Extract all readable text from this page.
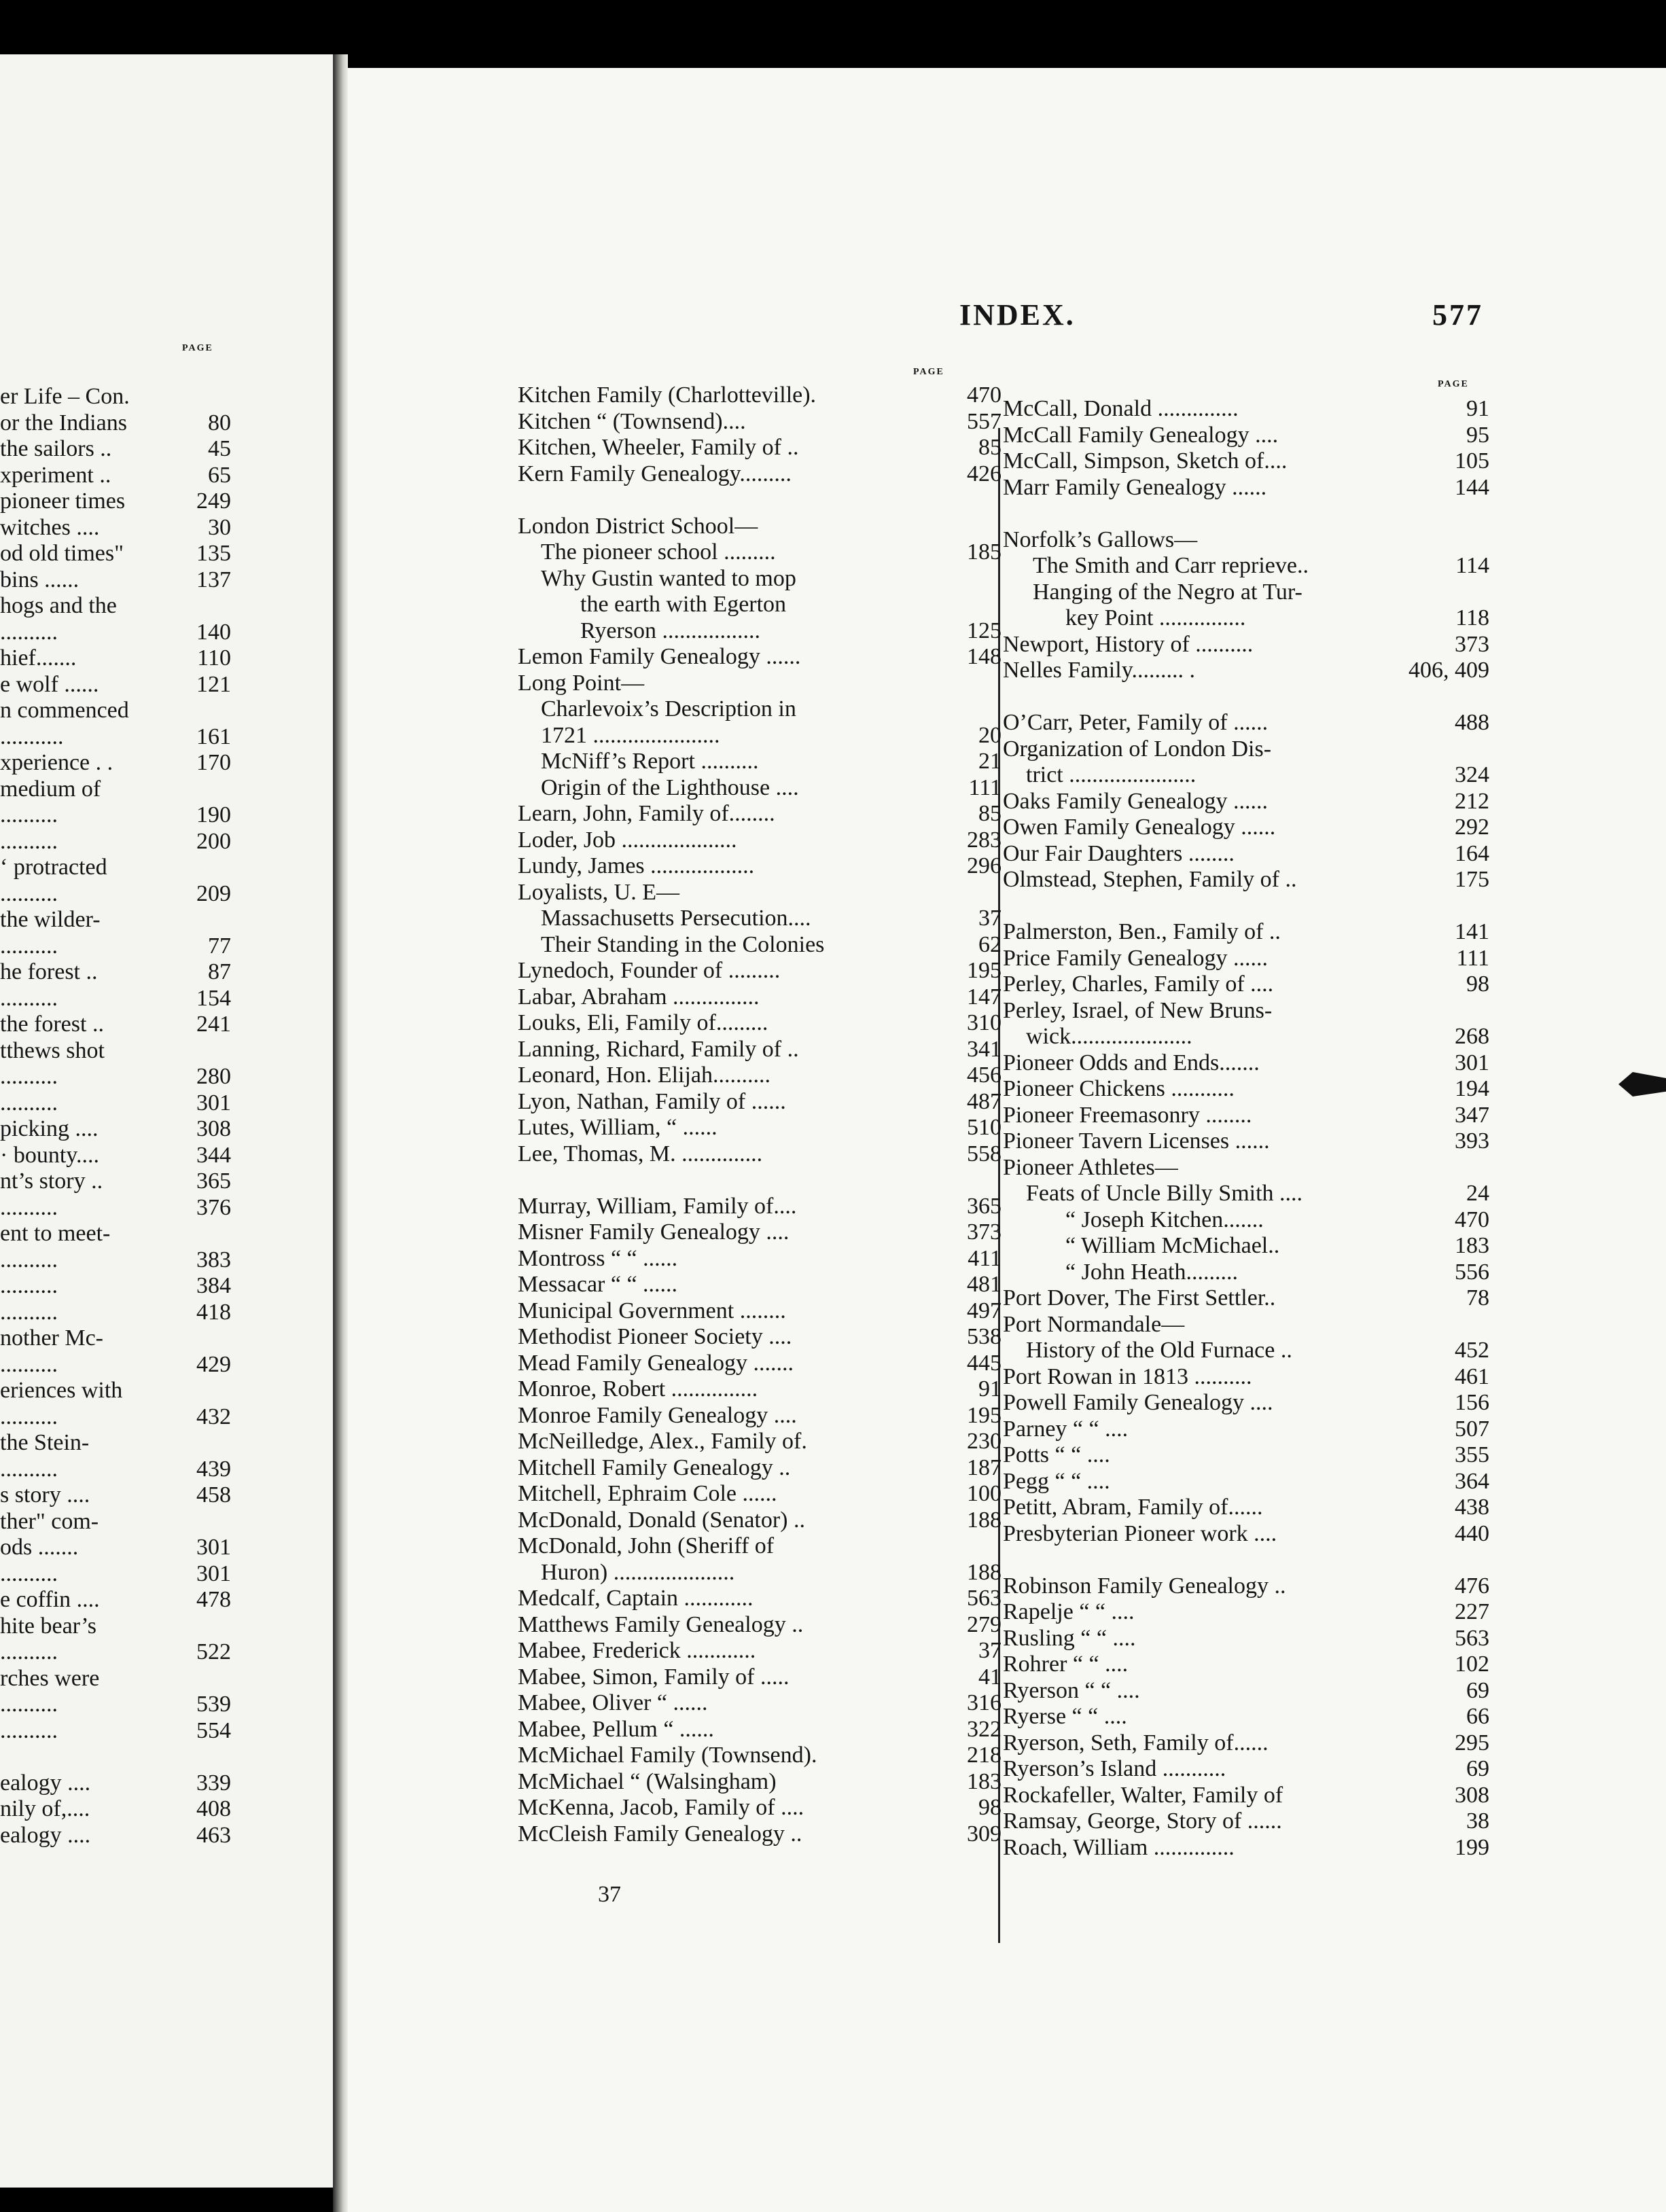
PAGE
INDEX.	577
PAGE
PAGE
37
er Life – Con.
or the Indians	80
the sailors ..	45
xperiment ..	65
pioneer times	249
witches ....	30
od old times"	135
bins ......	137
hogs and the
..........	140
hief.......	110
e wolf ......	121
n commenced
...........	161
xperience . .	170
medium of
..........	190
..........	200
‘ protracted
..........	209
the wilder-
..........	77
he forest ..	87
..........	154
the forest ..	241
tthews shot
..........	280
..........	301
picking ....	308
· bounty....	344
nt’s story ..	365
..........	376
ent to meet-
..........	383
..........	384
..........	418
nother Mc-
..........	429
eriences with
..........	432
the Stein-
..........	439
s story ....	458
ther" com-
ods .......	301
..........	301
e coffin ....	478
hite bear’s
..........	522
rches were
..........	539
..........	554
ealogy ....	339
nily of,....	408
ealogy ....	463
Kitchen Family (Charlotteville).	470
Kitchen “ (Townsend)....	557
Kitchen, Wheeler, Family of ..	85
Kern Family Genealogy.........	426
London District School—
The pioneer school .........	185
Why Gustin wanted to mop
the earth with Egerton
Ryerson .................	125
Lemon Family Genealogy ......	148
Long Point—
Charlevoix’s Description in
1721 ......................	20
McNiff’s Report ..........	21
Origin of the Lighthouse ....	111
Learn, John, Family of........	85
Loder, Job ....................	283
Lundy, James ..................	296
Loyalists, U. E—
Massachusetts Persecution....	37
Their Standing in the Colonies	62
Lynedoch, Founder of .........	195
Labar, Abraham ...............	147
Louks, Eli, Family of.........	310
Lanning, Richard, Family of ..	341
Leonard, Hon. Elijah..........	456
Lyon, Nathan, Family of ......	487
Lutes, William, “ ......	510
Lee, Thomas, M. ..............	558
Murray, William, Family of....	365
Misner Family Genealogy ....	373
Montross “ “ ......	411
Messacar “ “ ......	481
Municipal Government ........	497
Methodist Pioneer Society ....	538
Mead Family Genealogy .......	445
Monroe, Robert ...............	91
Monroe Family Genealogy ....	195
McNeilledge, Alex., Family of.	230
Mitchell Family Genealogy ..	187
Mitchell, Ephraim Cole ......	100
McDonald, Donald (Senator) ..	188
McDonald, John (Sheriff of
Huron) .....................	188
Medcalf, Captain ............	563
Matthews Family Genealogy ..	279
Mabee, Frederick ............	37
Mabee, Simon, Family of .....	41
Mabee, Oliver “ ......	316
Mabee, Pellum “ ......	322
McMichael Family (Townsend).	218
McMichael “ (Walsingham)	183
McKenna, Jacob, Family of ....	98
McCleish Family Genealogy ..	309
McCall, Donald ..............	91
McCall Family Genealogy ....	95
McCall, Simpson, Sketch of....	105
Marr Family Genealogy ......	144
Norfolk’s Gallows—
The Smith and Carr reprieve..	114
Hanging of the Negro at Tur-
key Point ...............	118
Newport, History of ..........	373
Nelles Family......... .	406, 409
O’Carr, Peter, Family of ......	488
Organization of London Dis-
trict ......................	324
Oaks Family Genealogy ......	212
Owen Family Genealogy ......	292
Our Fair Daughters ........	164
Olmstead, Stephen, Family of ..	175
Palmerston, Ben., Family of ..	141
Price Family Genealogy ......	111
Perley, Charles, Family of ....	98
Perley, Israel, of New Bruns-
wick.....................	268
Pioneer Odds and Ends.......	301
Pioneer Chickens ...........	194
Pioneer Freemasonry ........	347
Pioneer Tavern Licenses ......	393
Pioneer Athletes—
Feats of Uncle Billy Smith ....	24
“ Joseph Kitchen.......	470
“ William McMichael..	183
“ John Heath.........	556
Port Dover, The First Settler..	78
Port Normandale—
History of the Old Furnace ..	452
Port Rowan in 1813 ..........	461
Powell Family Genealogy ....	156
Parney “ “ ....	507
Potts “ “ ....	355
Pegg “ “ ....	364
Petitt, Abram, Family of......	438
Presbyterian Pioneer work ....	440
Robinson Family Genealogy ..	476
Rapelje “ “ ....	227
Rusling “ “ ....	563
Rohrer “ “ ....	102
Ryerson “ “ ....	69
Ryerse “ “ ....	66
Ryerson, Seth, Family of......	295
Ryerson’s Island ...........	69
Rockafeller, Walter, Family of	308
Ramsay, George, Story of ......	38
Roach, William ..............	199
